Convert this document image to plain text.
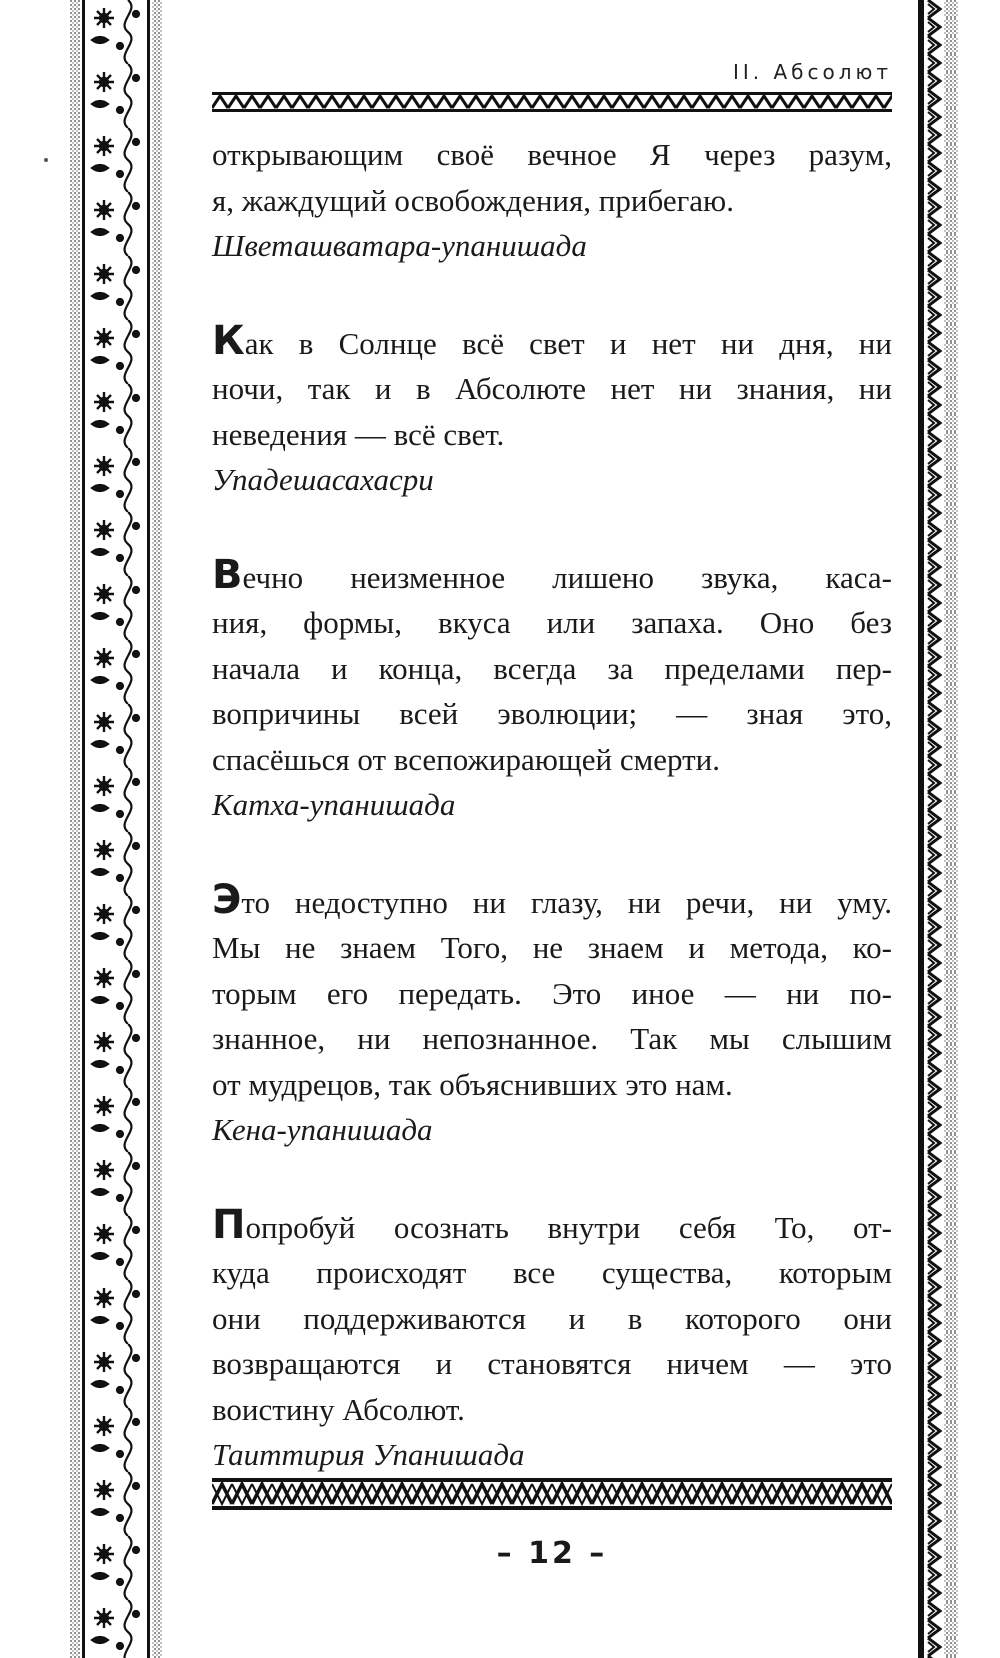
II. Абсолют

открывающим своё вечное Я через разум,
я, жаждущий освобождения, прибегаю.

Шветашватара-упанишада

Как в Солнце всё свет и нет ни дня, ни
ночи, так и в Абсолюте нет ни знания, ни
неведения — всё свет.

Упадешасахасри

Вечно неизменное лишено звука, каса-
ния, формы, вкуса или запаха. Оно без
начала и конца, всегда за пределами пер-
вопричины всей эволюции; — зная это,
спасёшься от всепожирающей смерти.

Катха-упанишада

Это недоступно ни глазу, ни речи, ни уму.
Мы не знаем Того, не знаем и метода, ко-
торым его передать. Это иное — ни по-
знанное, ни непознанное. Так мы слышим
от мудрецов, так объяснивших это нам.

Кена-упанишада

Попробуй осознать внутри себя То, от-
куда происходят все существа, которым
они поддерживаются и в которого они
возвращаются и становятся ничем — это
воистину Абсолют.

Таиттирия Упанишада

– 12 –
